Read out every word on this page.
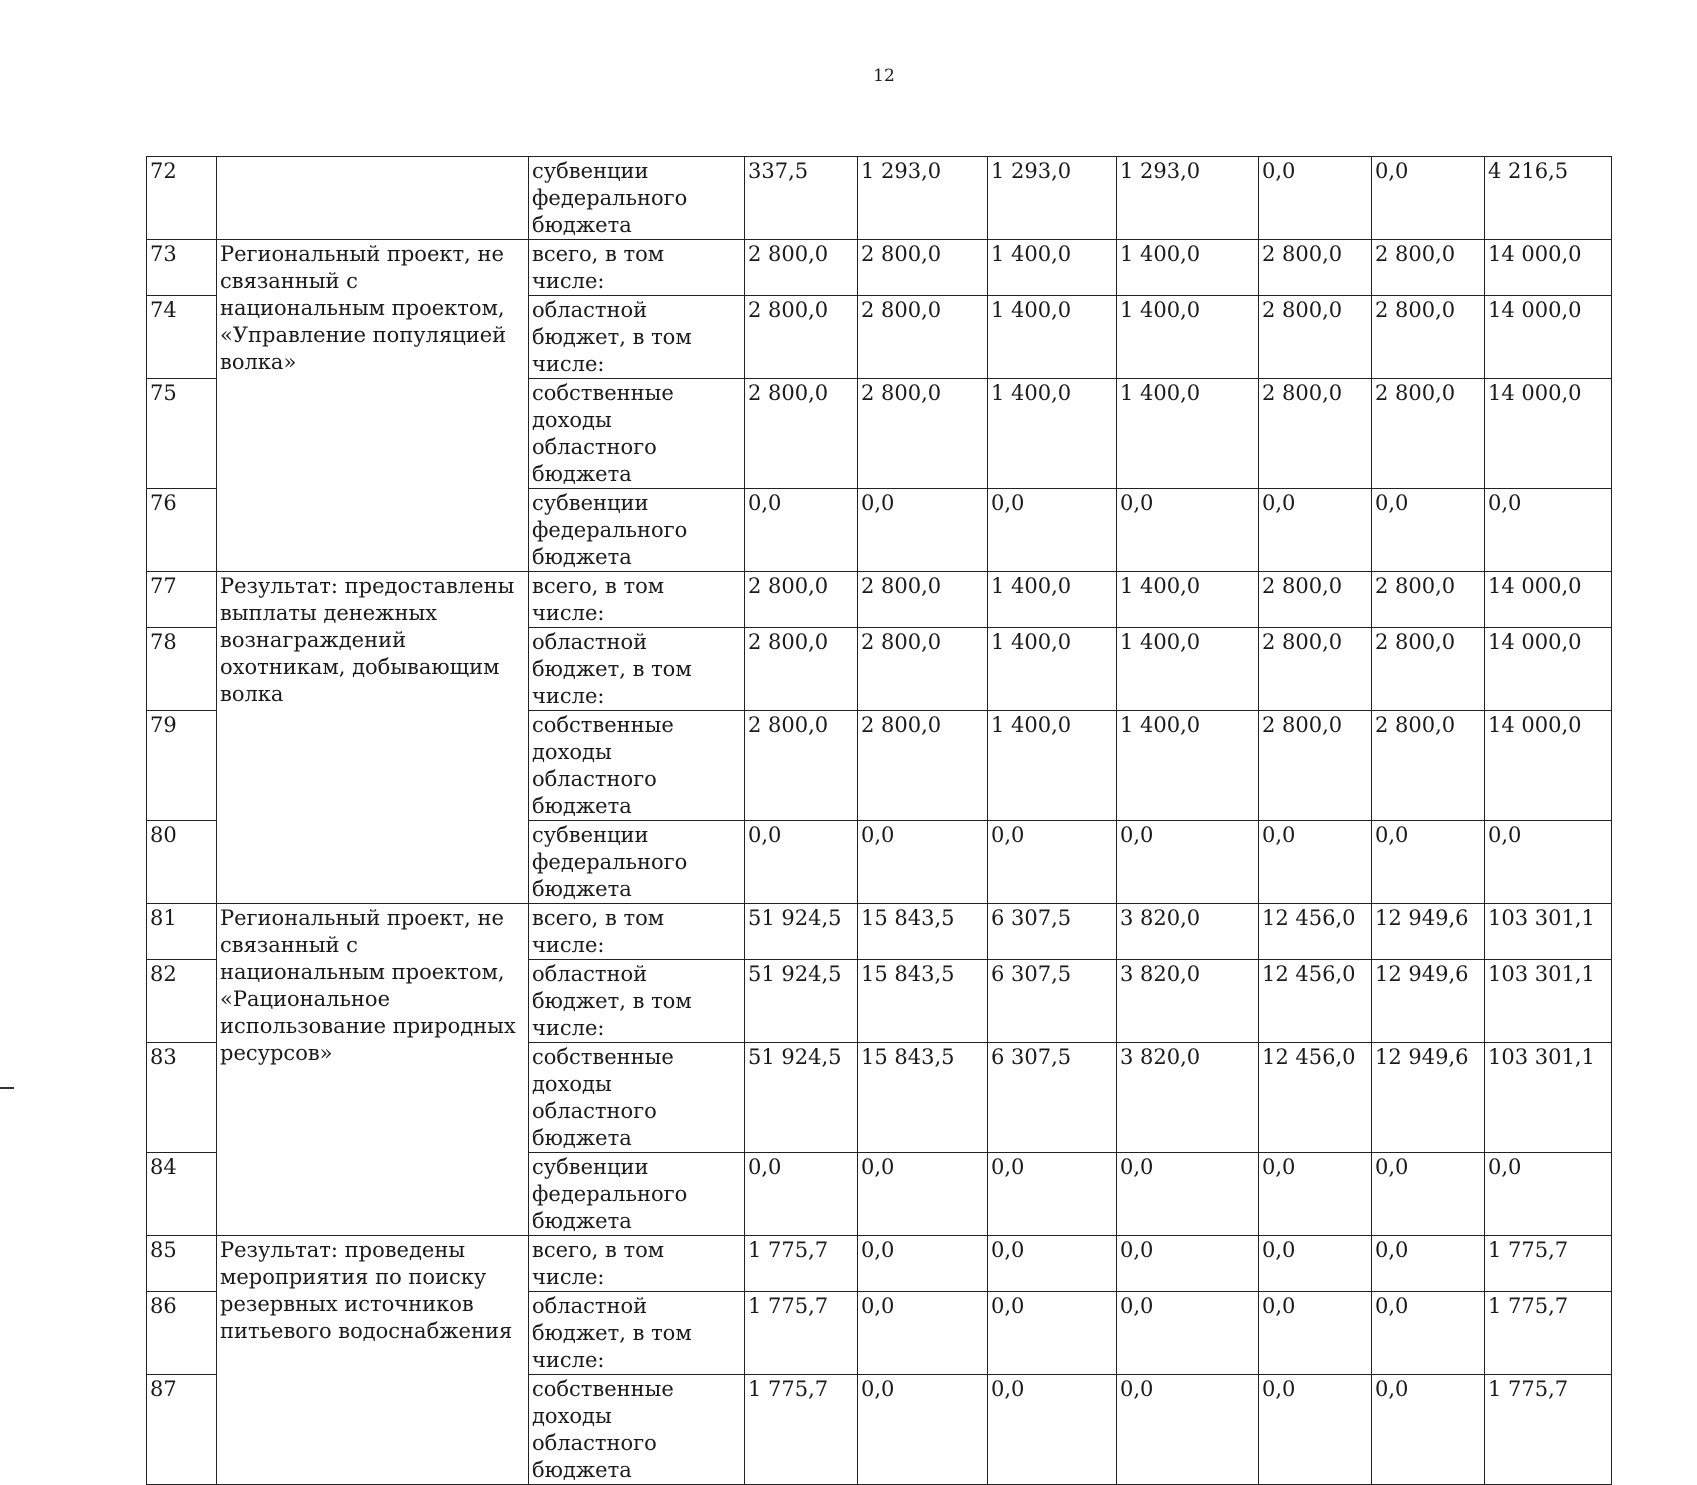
12
72		субвенции федерального бюджета	337,5	1 293,0	1 293,0	1 293,0	0,0	0,0	4 216,5
73	Региональный проект, не связанный с национальным проектом, «Управление популяцией волка»	всего, в том числе:	2 800,0	2 800,0	1 400,0	1 400,0	2 800,0	2 800,0	14 000,0
74		областной бюджет, в том числе:	2 800,0	2 800,0	1 400,0	1 400,0	2 800,0	2 800,0	14 000,0
75		собственные доходы областного бюджета	2 800,0	2 800,0	1 400,0	1 400,0	2 800,0	2 800,0	14 000,0
76		субвенции федерального бюджета	0,0	0,0	0,0	0,0	0,0	0,0	0,0
77	Результат: предоставлены выплаты денежных вознаграждений охотникам, добывающим волка	всего, в том числе:	2 800,0	2 800,0	1 400,0	1 400,0	2 800,0	2 800,0	14 000,0
78		областной бюджет, в том числе:	2 800,0	2 800,0	1 400,0	1 400,0	2 800,0	2 800,0	14 000,0
79		собственные доходы областного бюджета	2 800,0	2 800,0	1 400,0	1 400,0	2 800,0	2 800,0	14 000,0
80		субвенции федерального бюджета	0,0	0,0	0,0	0,0	0,0	0,0	0,0
81	Региональный проект, не связанный с национальным проектом, «Рациональное использование природных ресурсов»	всего, в том числе:	51 924,5	15 843,5	6 307,5	3 820,0	12 456,0	12 949,6	103 301,1
82		областной бюджет, в том числе:	51 924,5	15 843,5	6 307,5	3 820,0	12 456,0	12 949,6	103 301,1
83		собственные доходы областного бюджета	51 924,5	15 843,5	6 307,5	3 820,0	12 456,0	12 949,6	103 301,1
84		субвенции федерального бюджета	0,0	0,0	0,0	0,0	0,0	0,0	0,0
85	Результат: проведены мероприятия по поиску резервных источников питьевого водоснабжения	всего, в том числе:	1 775,7	0,0	0,0	0,0	0,0	0,0	1 775,7
86		областной бюджет, в том числе:	1 775,7	0,0	0,0	0,0	0,0	0,0	1 775,7
87		собственные доходы областного бюджета	1 775,7	0,0	0,0	0,0	0,0	0,0	1 775,7
